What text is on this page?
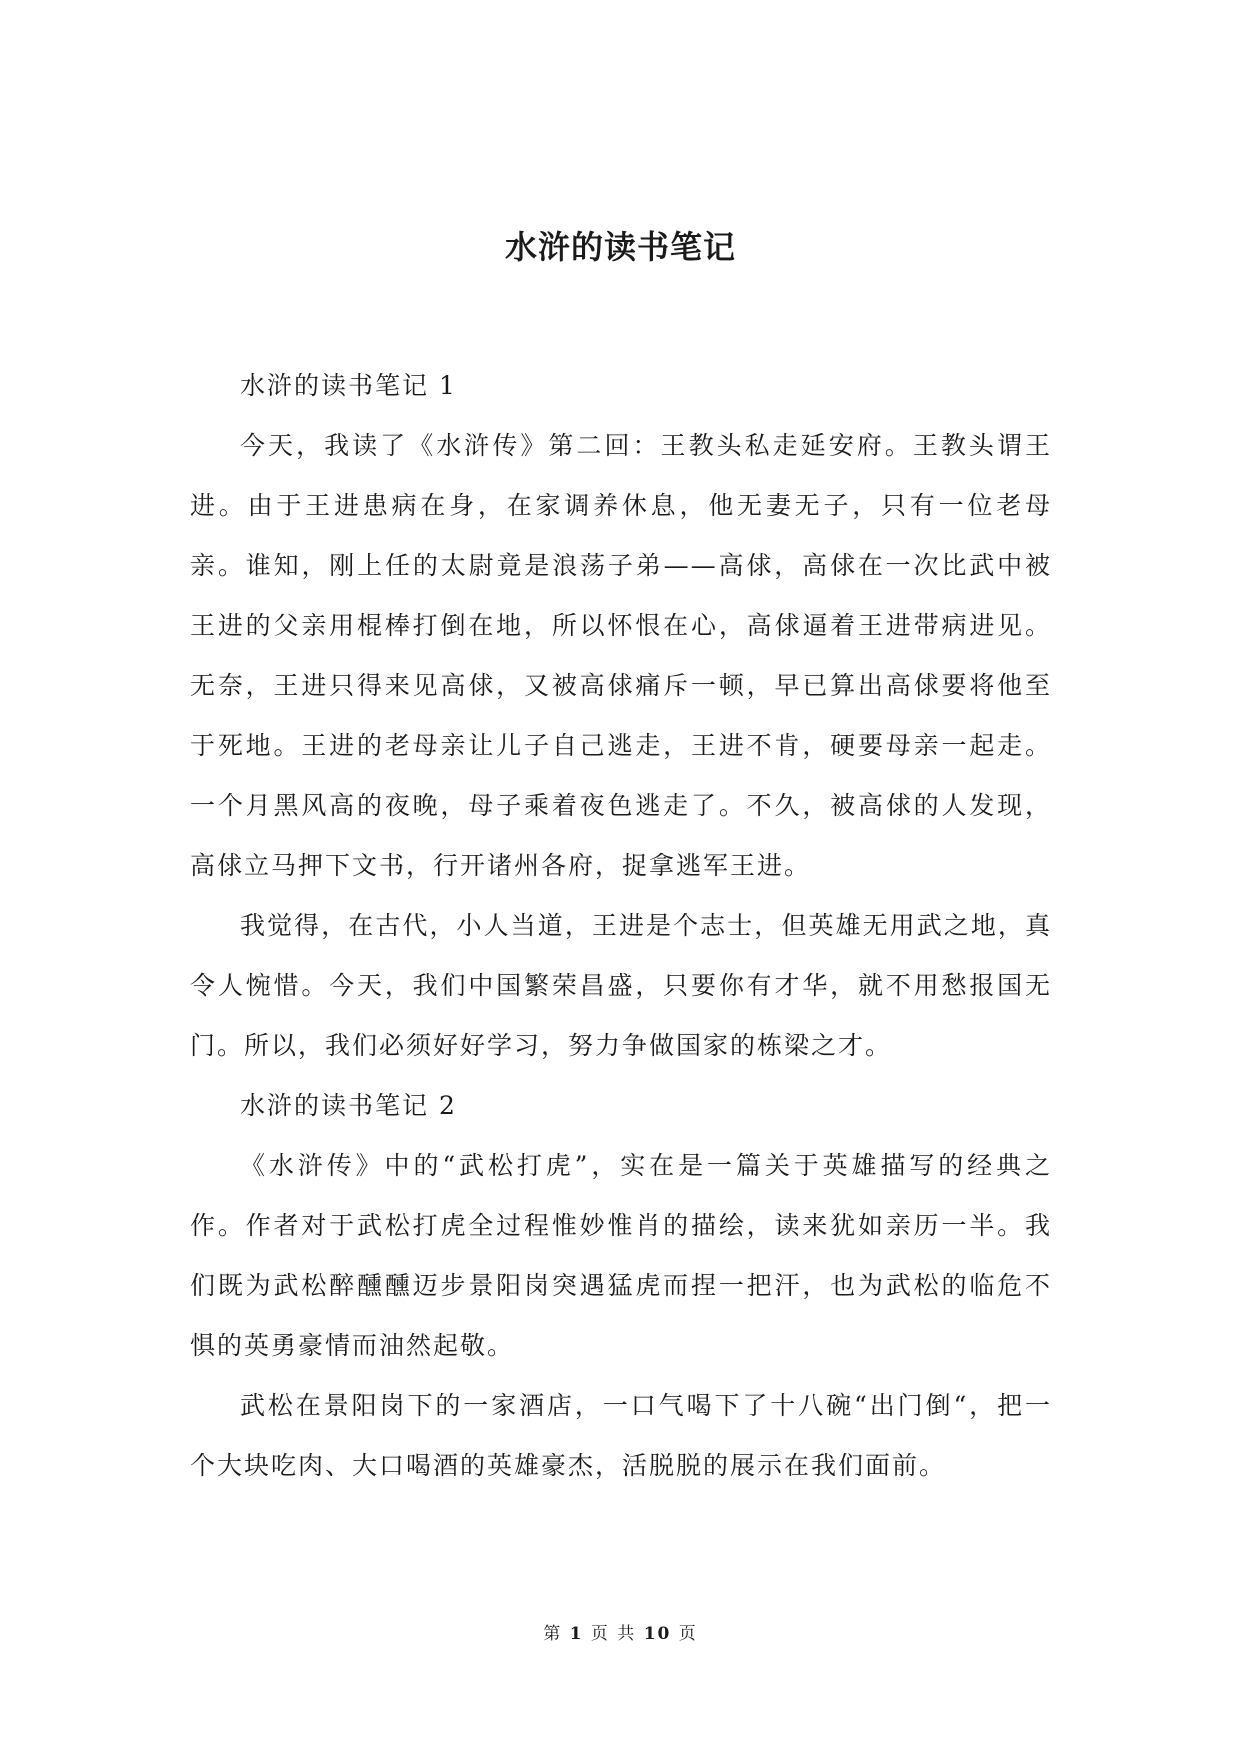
水浒的读书笔记

水浒的读书笔记 1

今天，我读了《水浒传》第二回：王教头私走延安府。王教头谓王进。由于王进患病在身，在家调养休息，他无妻无子，只有一位老母亲。谁知，刚上任的太尉竟是浪荡子弟——高俅，高俅在一次比武中被王进的父亲用棍棒打倒在地，所以怀恨在心，高俅逼着王进带病进见。无奈，王进只得来见高俅，又被高俅痛斥一顿，早已算出高俅要将他至于死地。王进的老母亲让儿子自己逃走，王进不肯，硬要母亲一起走。一个月黑风高的夜晚，母子乘着夜色逃走了。不久，被高俅的人发现，高俅立马押下文书，行开诸州各府，捉拿逃军王进。

我觉得，在古代，小人当道，王进是个志士，但英雄无用武之地，真令人惋惜。今天，我们中国繁荣昌盛，只要你有才华，就不用愁报国无门。所以，我们必须好好学习，努力争做国家的栋梁之才。

水浒的读书笔记 2

《水浒传》中的“武松打虎”，实在是一篇关于英雄描写的经典之作。作者对于武松打虎全过程惟妙惟肖的描绘，读来犹如亲历一半。我们既为武松醉醺醺迈步景阳岗突遇猛虎而捏一把汗，也为武松的临危不惧的英勇豪情而油然起敬。

武松在景阳岗下的一家酒店，一口气喝下了十八碗“出门倒“，把一个大块吃肉、大口喝酒的英雄豪杰，活脱脱的展示在我们面前。

第 1 页 共 10 页
